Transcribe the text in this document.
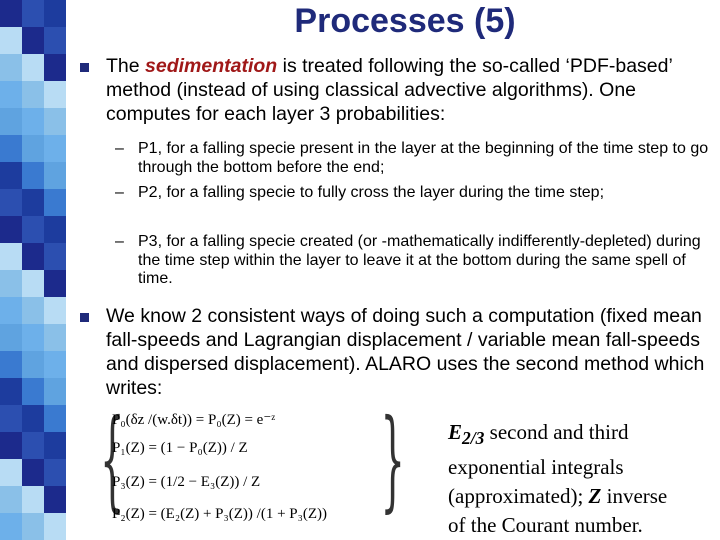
Processes (5)
The sedimentation is treated following the so-called ‘PDF-based’ method (instead of using classical advective algorithms). One computes for each layer 3 probabilities:
– P1, for a falling specie present in the layer at the beginning of the time step to go through the bottom before the end;
– P2, for a falling specie to fully cross the layer during the time step;
– P3, for a falling specie created (or -mathematically indifferently-depleted) during the time step within the layer to leave it at the bottom during the same spell of time.
We know 2 consistent ways of doing such a computation (fixed mean fall-speeds and Lagrangian displacement / variable mean fall-speeds and dispersed displacement). ALARO uses the second method which writes:
{ }
P₀(δz /(w.δt)) = P₀(Z) = e⁻ᶻ
P₁(Z) = (1 − P₀(Z)) / Z
P₃(Z) = (1/2 − E₃(Z)) / Z
P₂(Z) = (E₂(Z) + P₃(Z)) /(1 + P₃(Z))
$E_{2/3}$ second and third
exponential integrals
(approximated); Z inverse
of the Courant number.
